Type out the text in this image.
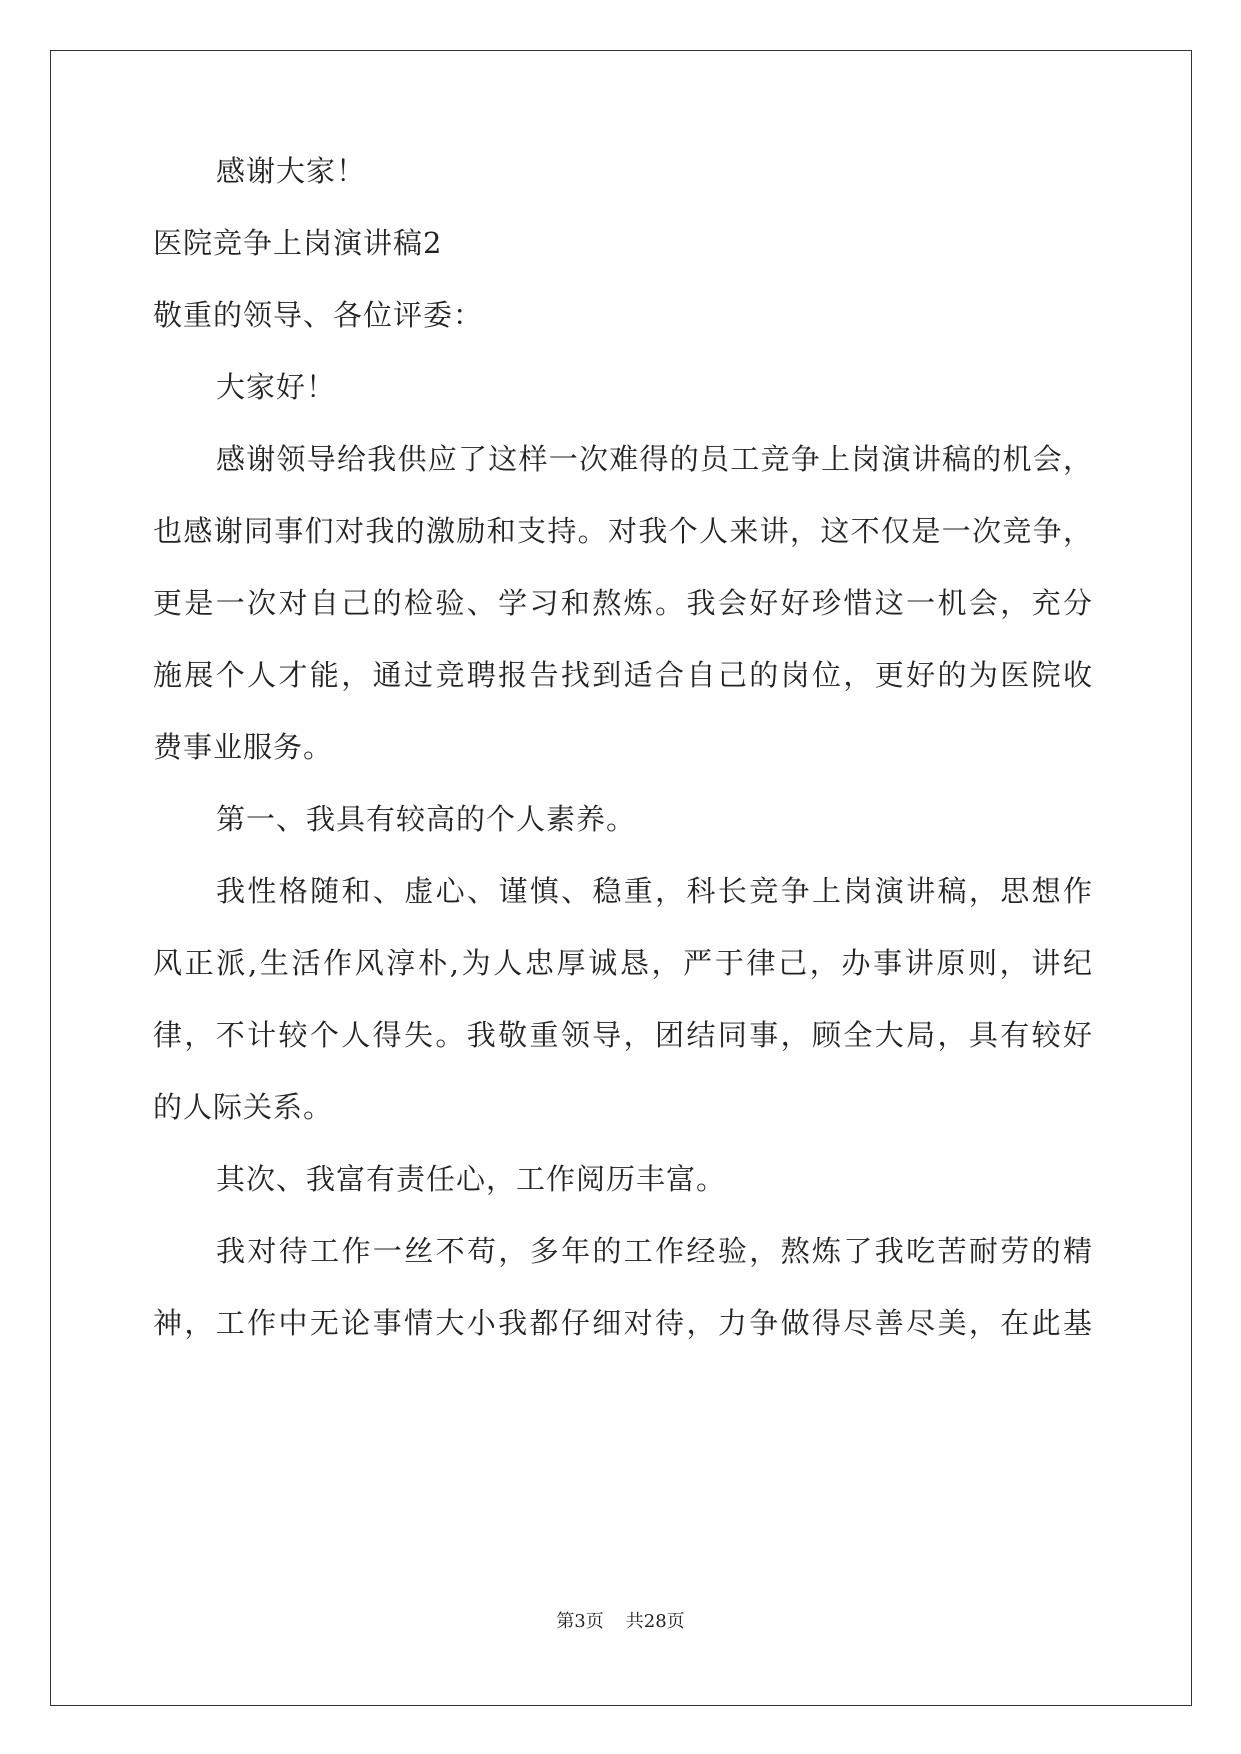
感谢大家！
医院竞争上岗演讲稿2
敬重的领导、各位评委：
大家好！
感谢领导给我供应了这样一次难得的员工竞争上岗演讲稿的机会，
也感谢同事们对我的激励和支持。对我个人来讲，这不仅是一次竞争，
更是一次对自己的检验、学习和熬炼。我会好好珍惜这一机会，充分
施展个人才能，通过竞聘报告找到适合自己的岗位，更好的为医院收
费事业服务。
第一、我具有较高的个人素养。
我性格随和、虚心、谨慎、稳重，科长竞争上岗演讲稿，思想作
风正派,生活作风淳朴,为人忠厚诚恳，严于律己，办事讲原则，讲纪
律，不计较个人得失。我敬重领导，团结同事，顾全大局，具有较好
的人际关系。
其次、我富有责任心，工作阅历丰富。
我对待工作一丝不苟，多年的工作经验，熬炼了我吃苦耐劳的精
神，工作中无论事情大小我都仔细对待，力争做得尽善尽美，在此基
第3页 共28页
